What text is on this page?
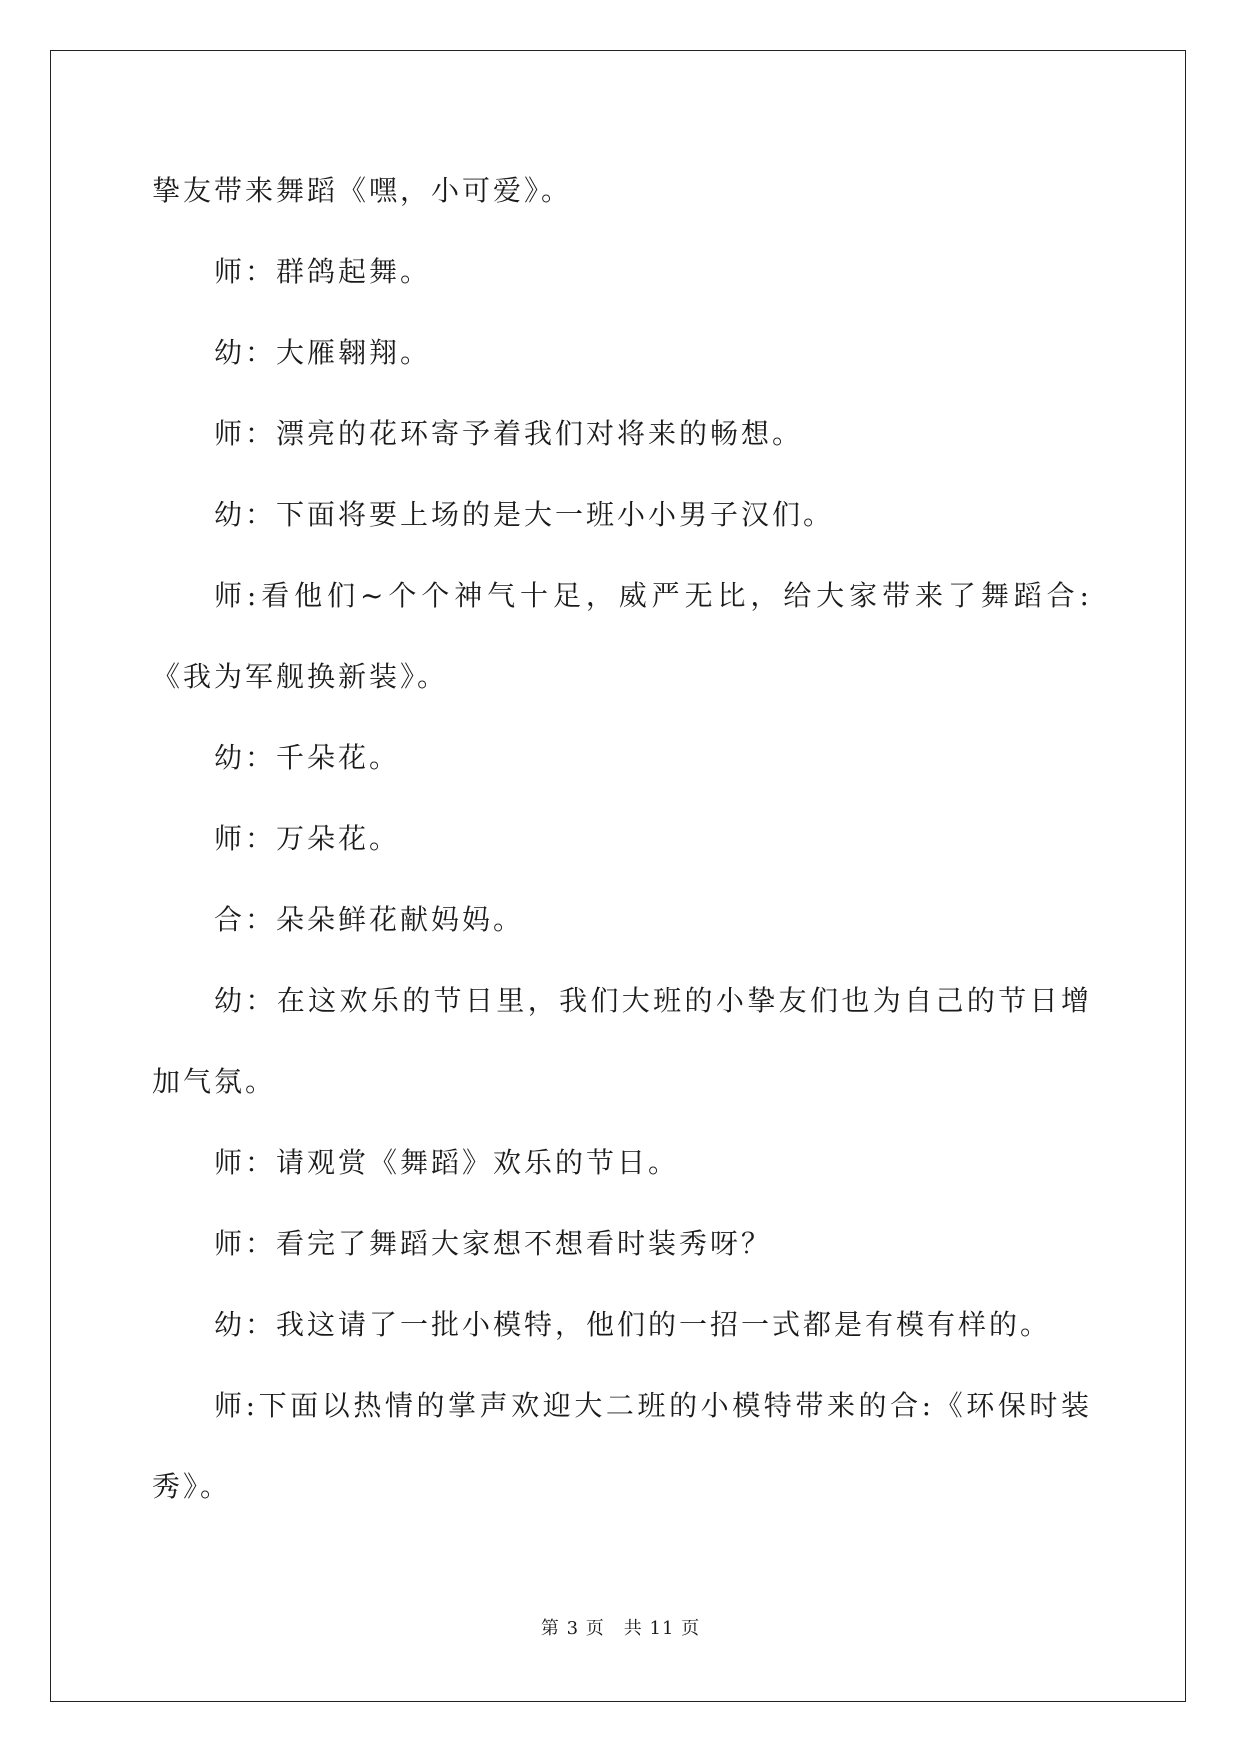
挚友带来舞蹈《嘿，小可爱》。

师：群鸽起舞。

幼：大雁翱翔。

师：漂亮的花环寄予着我们对将来的畅想。

幼：下面将要上场的是大一班小小男子汉们。

师:看他们~个个神气十足，威严无比，给大家带来了舞蹈合:《我为军舰换新装》。

幼：千朵花。

师：万朵花。

合：朵朵鲜花献妈妈。

幼：在这欢乐的节日里，我们大班的小挚友们也为自己的节日增加气氛。

师：请观赏《舞蹈》欢乐的节日。

师：看完了舞蹈大家想不想看时装秀呀？

幼：我这请了一批小模特，他们的一招一式都是有模有样的。

师:下面以热情的掌声欢迎大二班的小模特带来的合:《环保时装秀》。

第 3 页　共 11 页
